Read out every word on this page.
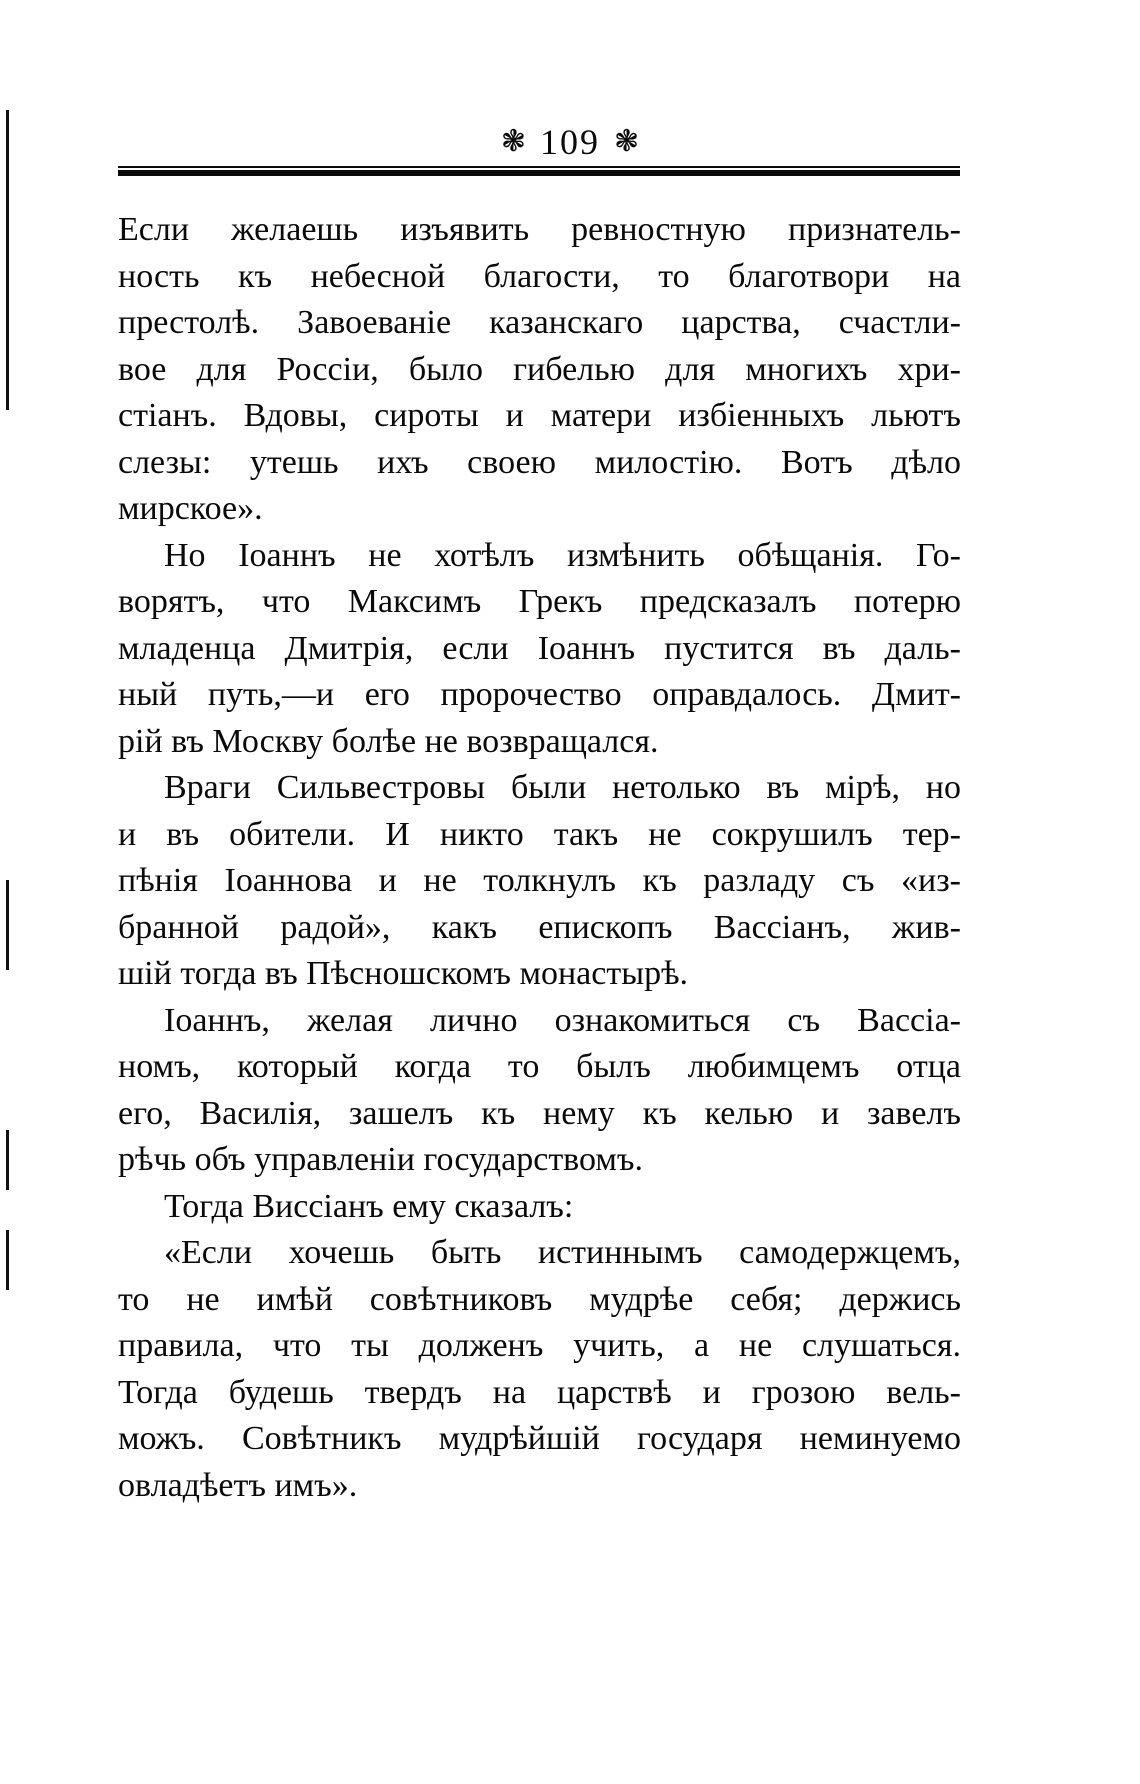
❃ 109 ❃
Если желаешь изъявить ревностную признатель-
ность къ небесной благости, то благотвори на
престолѣ. Завоеваніе казанскаго царства, счастли-
вое для Россіи, было гибелью для многихъ хри-
стіанъ. Вдовы, сироты и матери избіенныхъ льютъ
слезы: утешь ихъ своею милостію. Вотъ дѣло
мирское».
Но Іоаннъ не хотѣлъ измѣнить обѣщанія. Го-
ворятъ, что Максимъ Грекъ предсказалъ потерю
младенца Дмитрія, если Іоаннъ пустится въ даль-
ный путь,—и его пророчество оправдалось. Дмит-
рій въ Москву болѣе не возвращался.
Враги Сильвестровы были нетолько въ мірѣ, но
и въ обители. И никто такъ не сокрушилъ тер-
пѣнія Іоаннова и не толкнулъ къ разладу съ «из-
бранной радой», какъ епископъ Вассіанъ, жив-
шій тогда въ Пѣсношскомъ монастырѣ.
Іоаннъ, желая лично ознакомиться съ Вассіа-
номъ, который когда то былъ любимцемъ отца
его, Василія, зашелъ къ нему къ келью и завелъ
рѣчь объ управленіи государствомъ.
Тогда Виссіанъ ему сказалъ:
«Если хочешь быть истиннымъ самодержцемъ,
то не имѣй совѣтниковъ мудрѣе себя; держись
правила, что ты долженъ учить, а не слушаться.
Тогда будешь твердъ на царствѣ и грозою вель-
можъ. Совѣтникъ мудрѣйшій государя неминуемо
овладѣетъ имъ».
